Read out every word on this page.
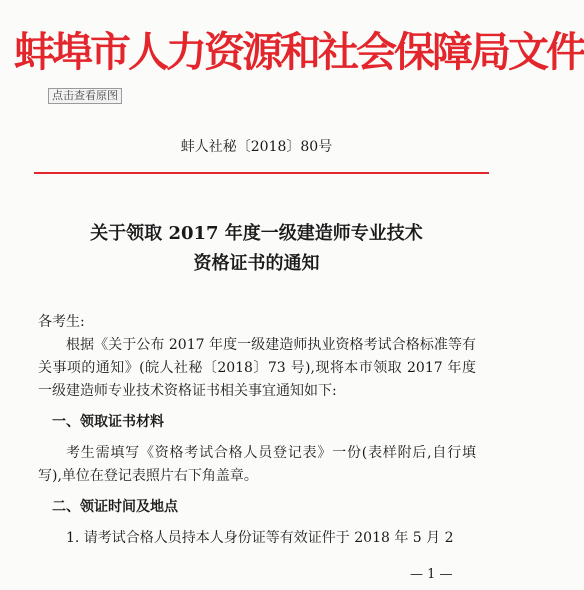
蚌埠市人力资源和社会保障局文件
点击查看原图
蚌人社秘〔2018〕80号
关于领取 2017 年度一级建造师专业技术
资格证书的通知

各考生:

根据《关于公布 2017 年度一级建造师执业资格考试合格标准等有关事项的通知》(皖人社秘〔2018〕73 号),现将本市领取 2017 年度一级建造师专业技术资格证书相关事宜通知如下:

一、领取证书材料

考生需填写《资格考试合格人员登记表》一份(表样附后,自行填写),单位在登记表照片右下角盖章。

二、领证时间及地点

1. 请考试合格人员持本人身份证等有效证件于 2018 年 5 月 2

— 1 —
